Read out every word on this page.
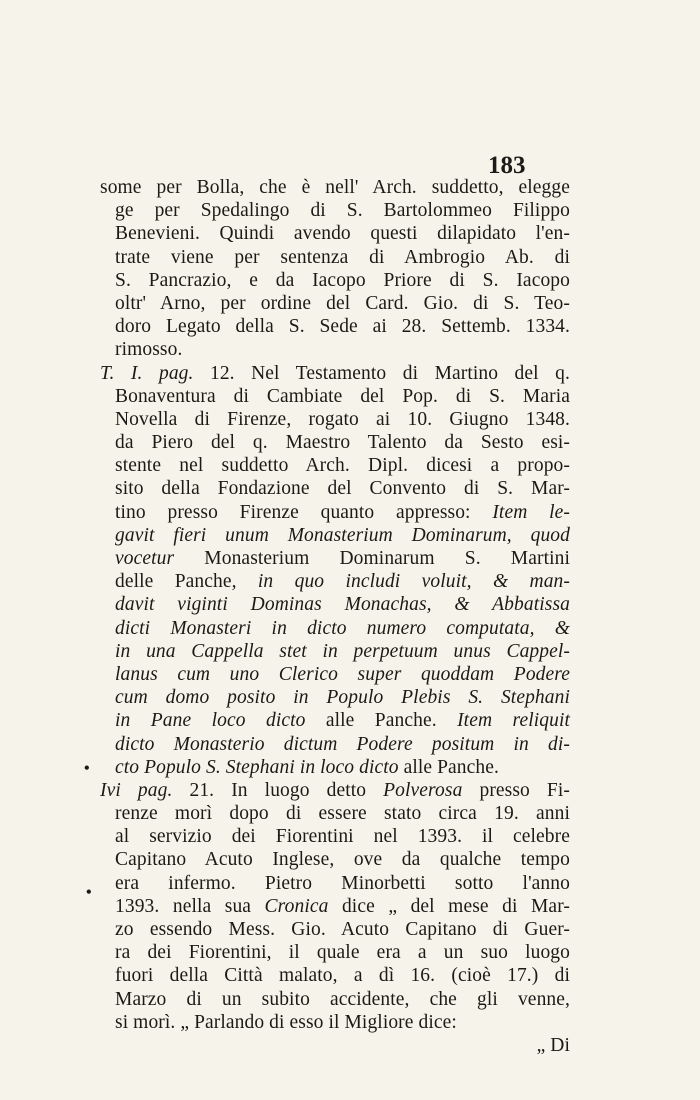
183
•
•
some per Bolla, che è nell' Arch. suddetto, elegge
ge per Spedalingo di S. Bartolommeo Filippo
Benevieni. Quindi avendo questi dilapidato l'en-
trate viene per sentenza di Ambrogio Ab. di
S. Pancrazio, e da Iacopo Priore di S. Iacopo
oltr' Arno, per ordine del Card. Gio. di S. Teo-
doro Legato della S. Sede ai 28. Settemb. 1334.
rimosso.
T. I. pag. 12. Nel Testamento di Martino del q.
Bonaventura di Cambiate del Pop. di S. Maria
Novella di Firenze, rogato ai 10. Giugno 1348.
da Piero del q. Maestro Talento da Sesto esi-
stente nel suddetto Arch. Dipl. dicesi a propo-
sito della Fondazione del Convento di S. Mar-
tino presso Firenze quanto appresso: Item le-
gavit fieri unum Monasterium Dominarum, quod
vocetur Monasterium Dominarum S. Martini
delle Panche, in quo includi voluit, & man-
davit viginti Dominas Monachas, & Abbatissa
dicti Monasteri in dicto numero computata, &
in una Cappella stet in perpetuum unus Cappel-
lanus cum uno Clerico super quoddam Podere
cum domo posito in Populo Plebis S. Stephani
in Pane loco dicto alle Panche. Item reliquit
dicto Monasterio dictum Podere positum in di-
cto Populo S. Stephani in loco dicto alle Panche.
Ivi pag. 21. In luogo detto Polverosa presso Fi-
renze morì dopo di essere stato circa 19. anni
al servizio dei Fiorentini nel 1393. il celebre
Capitano Acuto Inglese, ove da qualche tempo
era infermo. Pietro Minorbetti sotto l'anno
1393. nella sua Cronica dice „ del mese di Mar-
zo essendo Mess. Gio. Acuto Capitano di Guer-
ra dei Fiorentini, il quale era a un suo luogo
fuori della Città malato, a dì 16. (cioè 17.) di
Marzo di un subito accidente, che gli venne,
si morì. „ Parlando di esso il Migliore dice:
„ Di
